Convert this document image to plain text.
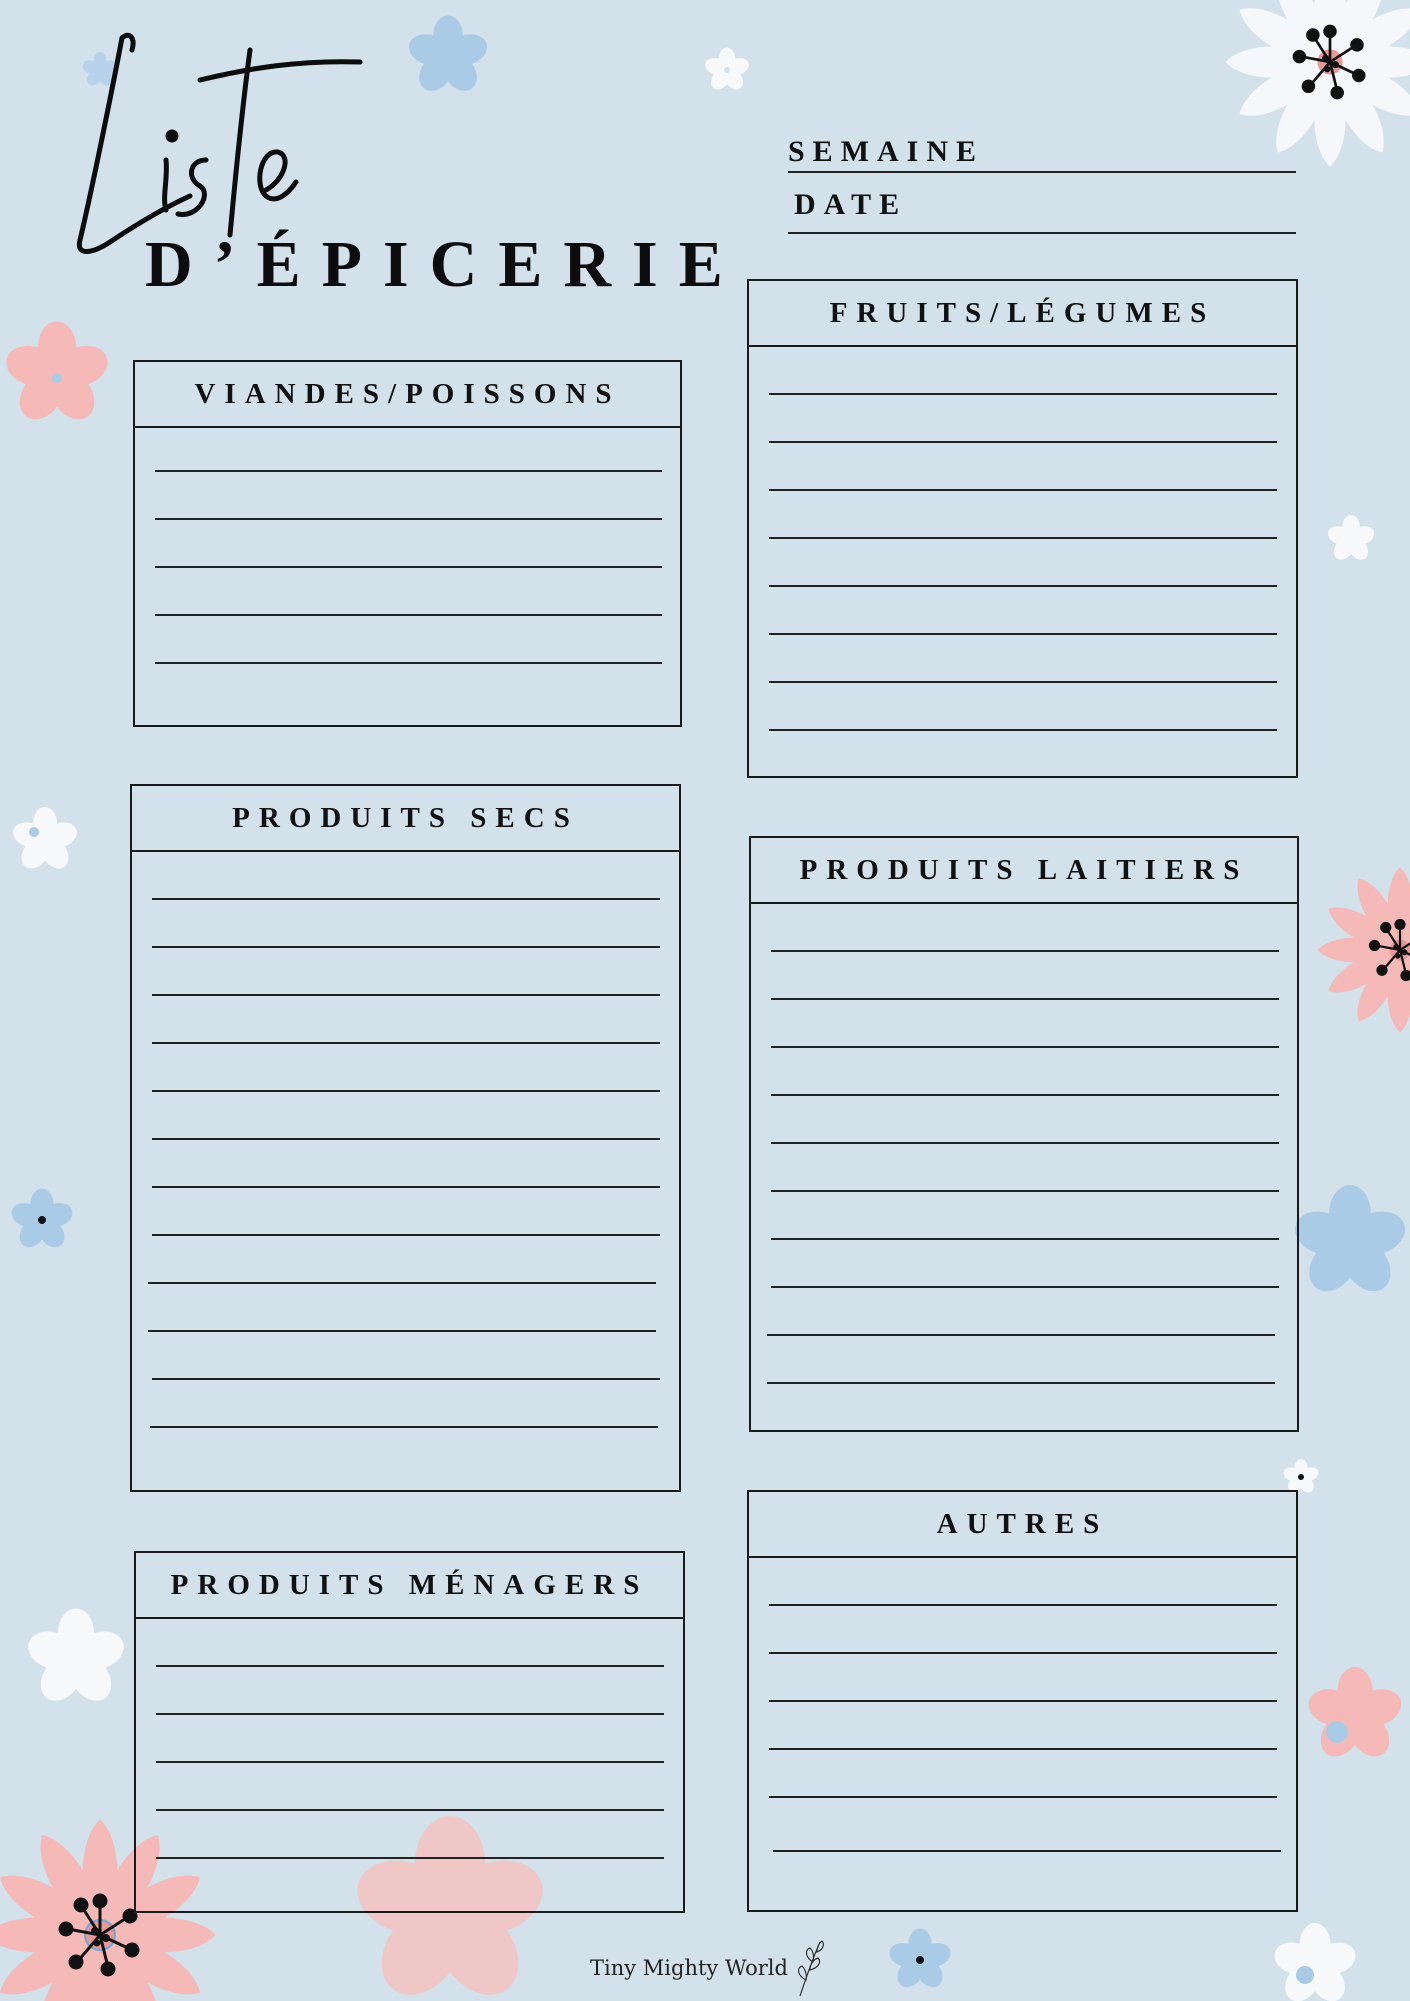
D’ÉPICERIE
SEMAINE
DATE
VIANDES/POISSONS
FRUITS/LÉGUMES
PRODUITS SECS
PRODUITS LAITIERS
PRODUITS MÉNAGERS
AUTRES
Tiny Mighty World
